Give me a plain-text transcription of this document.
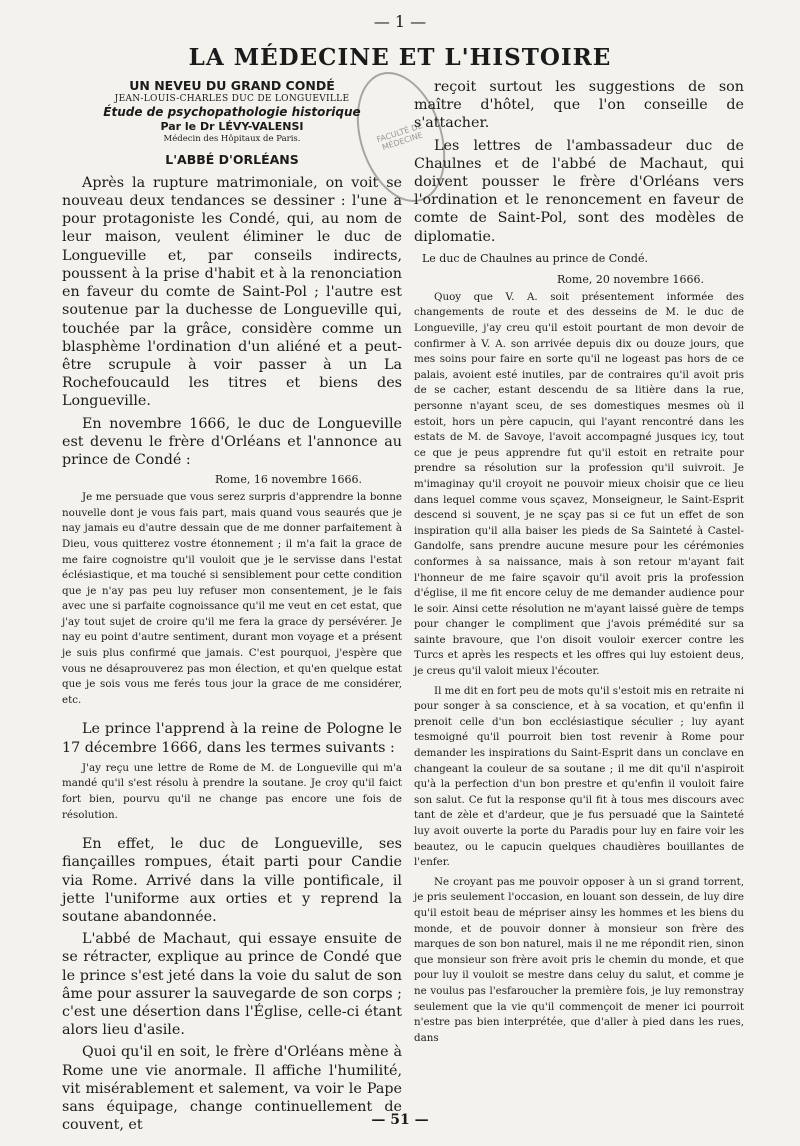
— 1 —
LA MÉDECINE ET L'HISTOIRE
FACULTÉ DE MÉDECINE
UN NEVEU DU GRAND CONDÉ
JEAN-LOUIS-CHARLES DUC DE LONGUEVILLE
Étude de psychopathologie historique
Par le Dr LÉVY-VALENSI
Médecin des Hôpitaux de Paris.
L'ABBÉ D'ORLÉANS

Après la rupture matrimoniale, on voit se nouveau deux tendances se dessiner : l'une a pour protagoniste les Condé, qui, au nom de leur maison, veulent éliminer le duc de Longueville et, par conseils indirects, poussent à la prise d'habit et à la renonciation en faveur du comte de Saint-Pol ; l'autre est soutenue par la duchesse de Longueville qui, touchée par la grâce, considère comme un blasphème l'ordination d'un aliéné et a peut-être scrupule à voir passer à un La Rochefoucauld les titres et biens des Longueville.

En novembre 1666, le duc de Longueville est devenu le frère d'Orléans et l'annonce au prince de Condé :

Rome, 16 novembre 1666.

Je me persuade que vous serez surpris d'apprendre la bonne nouvelle dont je vous fais part, mais quand vous seaurés que je nay jamais eu d'autre dessain que de me donner parfaitement à Dieu, vous quitterez vostre étonnement ; il m'a fait la grace de me faire cognoistre qu'il vouloit que je le servisse dans l'estat éclésiastique, et ma touché si sensiblement pour cette condition que je n'ay pas peu luy refuser mon consentement, je le fais avec une si parfaite cognoissance qu'il me veut en cet estat, que j'ay tout sujet de croire qu'il me fera la grace dy persévérer. Je nay eu point d'autre sentiment, durant mon voyage et a présent je suis plus confirmé que jamais. C'est pourquoi, j'espère que vous ne désaprouverez pas mon élection, et qu'en quelque estat que je sois vous me ferés tous jour la grace de me considérer, etc.

Le prince l'apprend à la reine de Pologne le 17 décembre 1666, dans les termes suivants :

J'ay reçu une lettre de Rome de M. de Longueville qui m'a mandé qu'il s'est résolu à prendre la soutane. Je croy qu'il faict fort bien, pourvu qu'il ne change pas encore une fois de résolution.

En effet, le duc de Longueville, ses fiançailles rompues, était parti pour Candie via Rome. Arrivé dans la ville pontificale, il jette l'uniforme aux orties et y reprend la soutane abandonnée.

L'abbé de Machaut, qui essaye ensuite de se rétracter, explique au prince de Condé que le prince s'est jeté dans la voie du salut de son âme pour assurer la sauvegarde de son corps ; c'est une désertion dans l'Église, celle-ci étant alors lieu d'asile.

Quoi qu'il en soit, le frère d'Orléans mène à Rome une vie anormale. Il affiche l'humilité, vit misérablement et salement, va voir le Pape sans équipage, change continuellement de couvent, et

reçoit surtout les suggestions de son maître d'hôtel, que l'on conseille de s'attacher.

Les lettres de l'ambassadeur duc de Chaulnes et de l'abbé de Machaut, qui doivent pousser le frère d'Orléans vers l'ordination et le renoncement en faveur de comte de Saint-Pol, sont des modèles de diplomatie.

Le duc de Chaulnes au prince de Condé.
Rome, 20 novembre 1666.

Quoy que V. A. soit présentement informée des changements de route et des desseins de M. le duc de Longueville, j'ay creu qu'il estoit pourtant de mon devoir de confirmer à V. A. son arrivée depuis dix ou douze jours, que mes soins pour faire en sorte qu'il ne logeast pas hors de ce palais, avoient esté inutiles, par de contraires qu'il avoit pris de se cacher, estant descendu de sa litière dans la rue, personne n'ayant sceu, de ses domestiques mesmes où il estoit, hors un père capucin, qui l'ayant rencontré dans les estats de M. de Savoye, l'avoit accompagné jusques icy, tout ce que je peus apprendre fut qu'il estoit en retraite pour prendre sa résolution sur la profession qu'il suivroit. Je m'imaginay qu'il croyoit ne pouvoir mieux choisir que ce lieu dans lequel comme vous sçavez, Monseigneur, le Saint-Esprit descend si souvent, je ne sçay pas si ce fut un effet de son inspiration qu'il alla baiser les pieds de Sa Sainteté à Castel-Gandolfe, sans prendre aucune mesure pour les cérémonies conformes à sa naissance, mais à son retour m'ayant fait l'honneur de me faire sçavoir qu'il avoit pris la profession d'église, il me fit encore celuy de me demander audience pour le soir. Ainsi cette résolution ne m'ayant laissé guère de temps pour changer le compliment que j'avois prémédité sur sa sainte bravoure, que l'on disoit vouloir exercer contre les Turcs et après les respects et les offres qui luy estoient deus, je creus qu'il valoit mieux l'écouter.

Il me dit en fort peu de mots qu'il s'estoit mis en retraite ni pour songer à sa conscience, et à sa vocation, et qu'enfin il prenoit celle d'un bon ecclésiastique séculier ; luy ayant tesmoigné qu'il pourroit bien tost revenir à Rome pour demander les inspirations du Saint-Esprit dans un conclave en changeant la couleur de sa soutane ; il me dit qu'il n'aspiroit qu'à la perfection d'un bon prestre et qu'enfin il vouloit faire son salut. Ce fut la response qu'il fit à tous mes discours avec tant de zèle et d'ardeur, que je fus persuadé que la Sainteté luy avoit ouverte la porte du Paradis pour luy en faire voir les beautez, ou le capucin quelques chaudières bouillantes de l'enfer.

Ne croyant pas me pouvoir opposer à un si grand torrent, je pris seulement l'occasion, en louant son dessein, de luy dire qu'il estoit beau de mépriser ainsy les hommes et les biens du monde, et de pouvoir donner à monsieur son frère des marques de son bon naturel, mais il ne me répondit rien, sinon que monsieur son frère avoit pris le chemin du monde, et que pour luy il vouloit se mestre dans celuy du salut, et comme je ne voulus pas l'esfaroucher la première fois, je luy remonstray seulement que la vie qu'il commençoit de mener ici pourroit n'estre pas bien interprétée, que d'aller à pied dans les rues, dans

— 51 —
